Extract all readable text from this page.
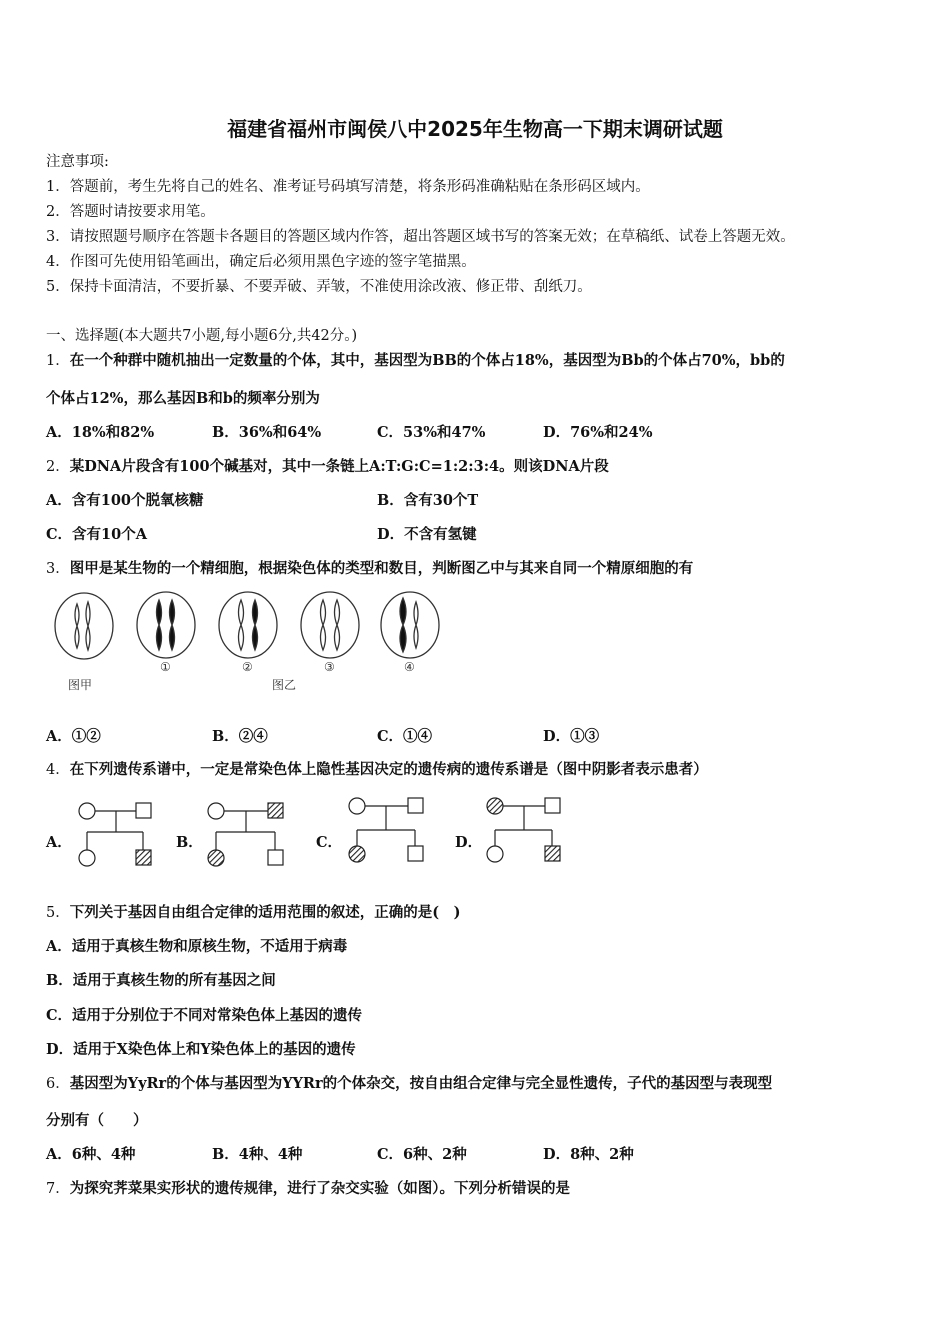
福建省福州市闽侯八中2025年生物高一下期末调研试题
注意事项:
1．答题前，考生先将自己的姓名、准考证号码填写清楚，将条形码准确粘贴在条形码区域内。
2．答题时请按要求用笔。
3．请按照题号顺序在答题卡各题目的答题区域内作答，超出答题区域书写的答案无效；在草稿纸、试卷上答题无效。
4．作图可先使用铅笔画出，确定后必须用黑色字迹的签字笔描黑。
5．保持卡面清洁，不要折暴、不要弄破、弄皱，不准使用涂改液、修正带、刮纸刀。
一、选择题(本大题共7小题,每小题6分,共42分。)
1．在一个种群中随机抽出一定数量的个体，其中，基因型为BB的个体占18%，基因型为Bb的个体占70%，bb的
个体占12%，那么基因B和b的频率分别为
A．18%和82%	B．36%和64%	C．53%和47%	D．76%和24%
2．某DNA片段含有100个碱基对，其中一条链上A:T:G:C=1:2:3:4。则该DNA片段
A．含有100个脱氧核糖	B．含有30个T
C．含有10个A	D．不含有氢键
3．图甲是某生物的一个精细胞，根据染色体的类型和数目，判断图乙中与其来自同一个精原细胞的有
图甲
①	②
图乙
③	④
A．①②	B．②④	C．①④	D．①③
4．在下列遗传系谱中，一定是常染色体上隐性基因决定的遗传病的遗传系谱是（图中阴影者表示患者）
A．	B．	C．	D．
5．下列关于基因自由组合定律的适用范围的叙述，正确的是(　)
A．适用于真核生物和原核生物，不适用于病毒
B．适用于真核生物的所有基因之间
C．适用于分别位于不同对常染色体上基因的遗传
D．适用于X染色体上和Y染色体上的基因的遗传
6．基因型为YyRr的个体与基因型为YYRr的个体杂交，按自由组合定律与完全显性遗传，子代的基因型与表现型
分别有（　　）
A．6种、4种	B．4种、4种	C．6种、2种	D．8种、2种
7．为探究荠菜果实形状的遗传规律，进行了杂交实验（如图）。下列分析错误的是
